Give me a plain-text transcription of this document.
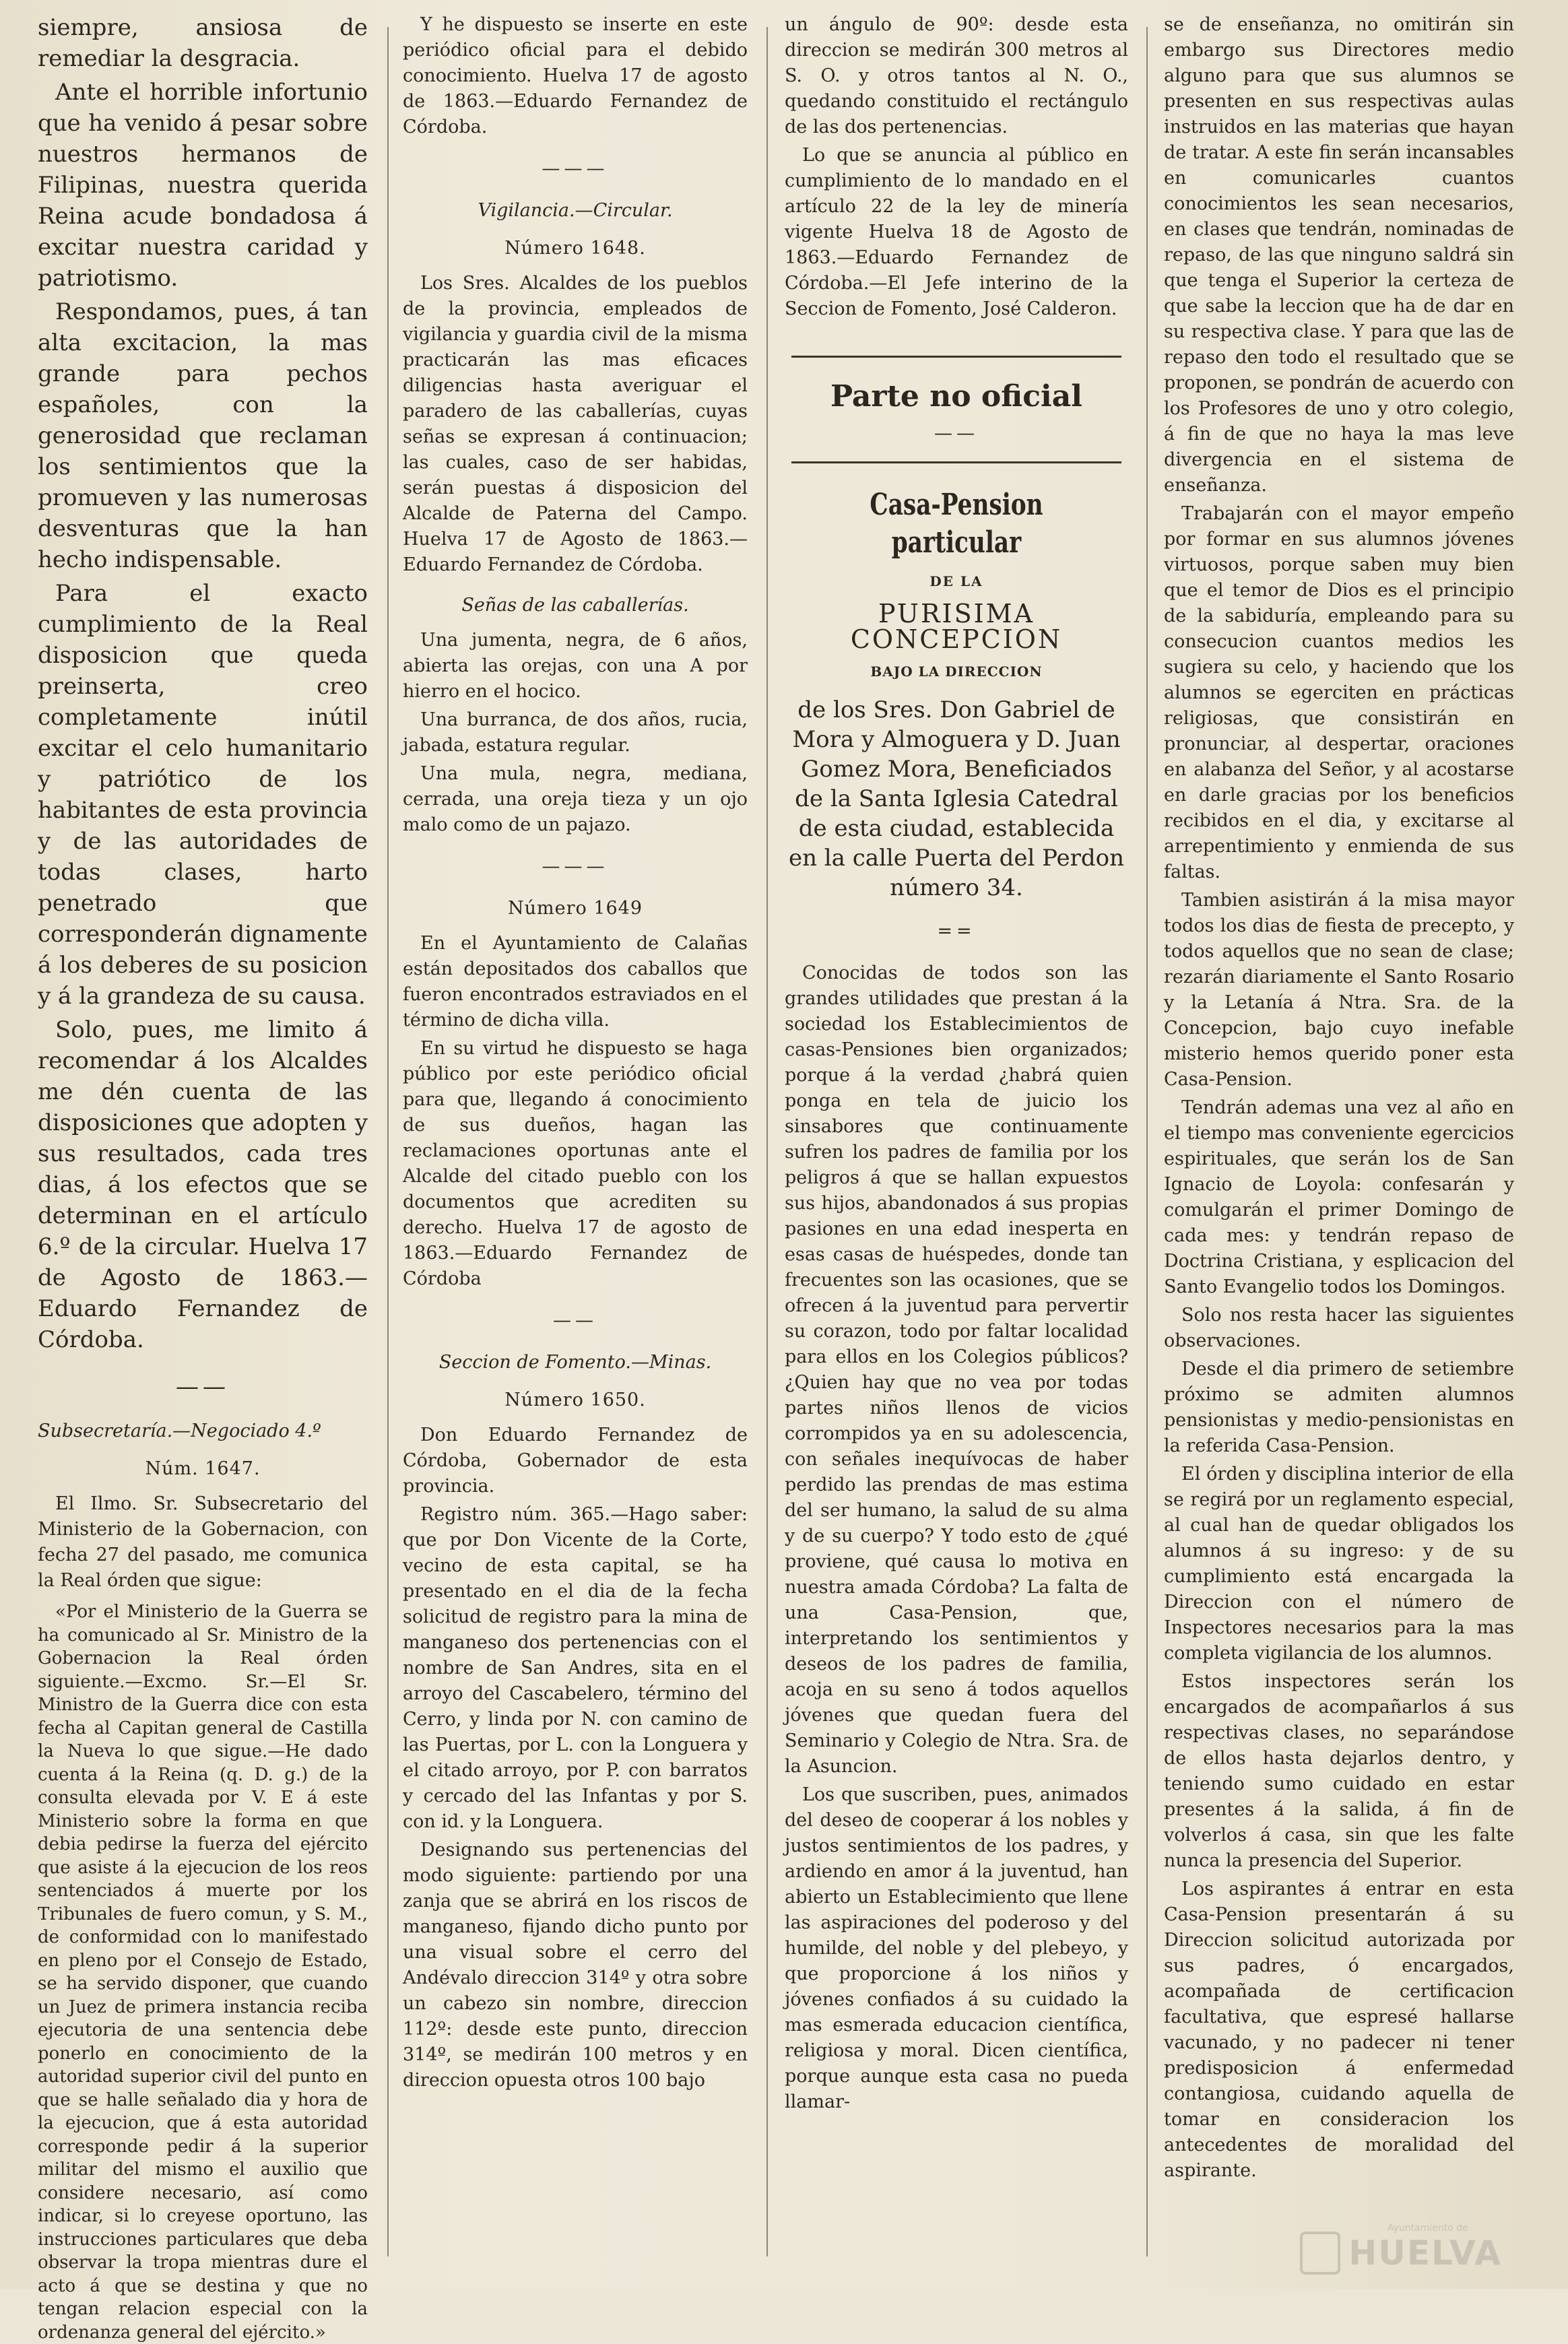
siempre, ansiosa de remediar la desgracia.

Ante el horrible infortunio que ha venido á pesar sobre nuestros hermanos de Filipinas, nuestra querida Reina acude bondadosa á excitar nuestra caridad y patriotismo.

Respondamos, pues, á tan alta excitacion, la mas grande para pechos españoles, con la generosidad que reclaman los sentimientos que la promueven y las numerosas desventuras que la han hecho indispensable.

Para el exacto cumplimiento de la Real disposicion que queda preinserta, creo completamente inútil excitar el celo humanitario y patriótico de los habitantes de esta provincia y de las autoridades de todas clases, harto penetrado que corresponderán dignamente á los deberes de su posicion y á la grandeza de su causa.

Solo, pues, me limito á recomendar á los Alcaldes me dén cuenta de las disposiciones que adopten y sus resultados, cada tres dias, á los efectos que se determinan en el artículo 6.º de la circular. Huelva 17 de Agosto de 1863.—Eduardo Fernandez de Córdoba.

——

Subsecretaría.—Negociado 4.º

Núm. 1647.

El Ilmo. Sr. Subsecretario del Ministerio de la Gobernacion, con fecha 27 del pasado, me comunica la Real órden que sigue:

«Por el Ministerio de la Guerra se ha comunicado al Sr. Ministro de la Gobernacion la Real órden siguiente.—Excmo. Sr.—El Sr. Ministro de la Guerra dice con esta fecha al Capitan general de Castilla la Nueva lo que sigue.—He dado cuenta á la Reina (q. D. g.) de la consulta elevada por V. E á este Ministerio sobre la forma en que debia pedirse la fuerza del ejército que asiste á la ejecucion de los reos sentenciados á muerte por los Tribunales de fuero comun, y S. M., de conformidad con lo manifestado en pleno por el Consejo de Estado, se ha servido disponer, que cuando un Juez de primera instancia reciba ejecutoria de una sentencia debe ponerlo en conocimiento de la autoridad superior civil del punto en que se halle señalado dia y hora de la ejecucion, que á esta autoridad corresponde pedir á la superior militar del mismo el auxilio que considere necesario, así como indicar, si lo creyese oportuno, las instrucciones particulares que deba observar la tropa mientras dure el acto á que se destina y que no tengan relacion especial con la ordenanza general del ejército.»

Y he dispuesto se inserte en este periódico oficial para el debido conocimiento. Huelva 17 de agosto de 1863.—Eduardo Fernandez de Córdoba.

———

Vigilancia.—Circular.

Número 1648.

Los Sres. Alcaldes de los pueblos de la provincia, empleados de vigilancia y guardia civil de la misma practicarán las mas eficaces diligencias hasta averiguar el paradero de las caballerías, cuyas señas se expresan á continuacion; las cuales, caso de ser habidas, serán puestas á disposicion del Alcalde de Paterna del Campo. Huelva 17 de Agosto de 1863.—Eduardo Fernandez de Córdoba.

Señas de las caballerías.

Una jumenta, negra, de 6 años, abierta las orejas, con una A por hierro en el hocico.

Una burranca, de dos años, rucia, jabada, estatura regular.

Una mula, negra, mediana, cerrada, una oreja tieza y un ojo malo como de un pajazo.

———

Número 1649

En el Ayuntamiento de Calañas están depositados dos caballos que fueron encontrados estraviados en el término de dicha villa.

En su virtud he dispuesto se haga público por este periódico oficial para que, llegando á conocimiento de sus dueños, hagan las reclamaciones oportunas ante el Alcalde del citado pueblo con los documentos que acrediten su derecho. Huelva 17 de agosto de 1863.—Eduardo Fernandez de Córdoba

——

Seccion de Fomento.—Minas.

Número 1650.

Don Eduardo Fernandez de Córdoba, Gobernador de esta provincia.

Registro núm. 365.—Hago saber: que por Don Vicente de la Corte, vecino de esta capital, se ha presentado en el dia de la fecha solicitud de registro para la mina de manganeso dos pertenencias con el nombre de San Andres, sita en el arroyo del Cascabelero, término del Cerro, y linda por N. con camino de las Puertas, por L. con la Longuera y el citado arroyo, por P. con barratos y cercado del las Infantas y por S. con id. y la Longuera.

Designando sus pertenencias del modo siguiente: partiendo por una zanja que se abrirá en los riscos de manganeso, fijando dicho punto por una visual sobre el cerro del Andévalo direccion 314º y otra sobre un cabezo sin nombre, direccion 112º: desde este punto, direccion 314º, se medirán 100 metros y en direccion opuesta otros 100 bajo

un ángulo de 90º: desde esta direccion se medirán 300 metros al S. O. y otros tantos al N. O., quedando constituido el rectángulo de las dos pertenencias.

Lo que se anuncia al público en cumplimiento de lo mandado en el artículo 22 de la ley de minería vigente Huelva 18 de Agosto de 1863.—Eduardo Fernandez de Córdoba.—El Jefe interino de la Seccion de Fomento, José Calderon.

Parte no oficial

——

Casa-Pension particular

DE LA

PURISIMA CONCEPCION

BAJO LA DIRECCION

de los Sres. Don Gabriel de Mora y Almoguera y D. Juan Gomez Mora, Beneficiados de la Santa Iglesia Catedral de esta ciudad, establecida en la calle Puerta del Perdon número 34.

==

Conocidas de todos son las grandes utilidades que prestan á la sociedad los Establecimientos de casas-Pensiones bien organizados; porque á la verdad ¿habrá quien ponga en tela de juicio los sinsabores que continuamente sufren los padres de familia por los peligros á que se hallan expuestos sus hijos, abandonados á sus propias pasiones en una edad inesperta en esas casas de huéspedes, donde tan frecuentes son las ocasiones, que se ofrecen á la juventud para pervertir su corazon, todo por faltar localidad para ellos en los Colegios públicos? ¿Quien hay que no vea por todas partes niños llenos de vicios corrompidos ya en su adolescencia, con señales inequívocas de haber perdido las prendas de mas estima del ser humano, la salud de su alma y de su cuerpo? Y todo esto de ¿qué proviene, qué causa lo motiva en nuestra amada Córdoba? La falta de una Casa-Pension, que, interpretando los sentimientos y deseos de los padres de familia, acoja en su seno á todos aquellos jóvenes que quedan fuera del Seminario y Colegio de Ntra. Sra. de la Asuncion.

Los que suscriben, pues, animados del deseo de cooperar á los nobles y justos sentimientos de los padres, y ardiendo en amor á la juventud, han abierto un Establecimiento que llene las aspiraciones del poderoso y del humilde, del noble y del plebeyo, y que proporcione á los niños y jóvenes confiados á su cuidado la mas esmerada educacion científica, religiosa y moral. Dicen científica, porque aunque esta casa no pueda llamar-

se de enseñanza, no omitirán sin embargo sus Directores medio alguno para que sus alumnos se presenten en sus respectivas aulas instruidos en las materias que hayan de tratar. A este fin serán incansables en comunicarles cuantos conocimientos les sean necesarios, en clases que tendrán, nominadas de repaso, de las que ninguno saldrá sin que tenga el Superior la certeza de que sabe la leccion que ha de dar en su respectiva clase. Y para que las de repaso den todo el resultado que se proponen, se pondrán de acuerdo con los Profesores de uno y otro colegio, á fin de que no haya la mas leve divergencia en el sistema de enseñanza.

Trabajarán con el mayor empeño por formar en sus alumnos jóvenes virtuosos, porque saben muy bien que el temor de Dios es el principio de la sabiduría, empleando para su consecucion cuantos medios les sugiera su celo, y haciendo que los alumnos se egerciten en prácticas religiosas, que consistirán en pronunciar, al despertar, oraciones en alabanza del Señor, y al acostarse en darle gracias por los beneficios recibidos en el dia, y excitarse al arrepentimiento y enmienda de sus faltas.

Tambien asistirán á la misa mayor todos los dias de fiesta de precepto, y todos aquellos que no sean de clase; rezarán diariamente el Santo Rosario y la Letanía á Ntra. Sra. de la Concepcion, bajo cuyo inefable misterio hemos querido poner esta Casa-Pension.

Tendrán ademas una vez al año en el tiempo mas conveniente egercicios espirituales, que serán los de San Ignacio de Loyola: confesarán y comulgarán el primer Domingo de cada mes: y tendrán repaso de Doctrina Cristiana, y esplicacion del Santo Evangelio todos los Domingos.

Solo nos resta hacer las siguientes observaciones.

Desde el dia primero de setiembre próximo se admiten alumnos pensionistas y medio-pensionistas en la referida Casa-Pension.

El órden y disciplina interior de ella se regirá por un reglamento especial, al cual han de quedar obligados los alumnos á su ingreso: y de su cumplimiento está encargada la Direccion con el número de Inspectores necesarios para la mas completa vigilancia de los alumnos.

Estos inspectores serán los encargados de acompañarlos á sus respectivas clases, no separándose de ellos hasta dejarlos dentro, y teniendo sumo cuidado en estar presentes á la salida, á fin de volverlos á casa, sin que les falte nunca la presencia del Superior.

Los aspirantes á entrar en esta Casa-Pension presentarán á su Direccion solicitud autorizada por sus padres, ó encargados, acompañada de certificacion facultativa, que espresé hallarse vacunado, y no padecer ni tener predisposicion á enfermedad contangiosa, cuidando aquella de tomar en consideracion los antecedentes de moralidad del aspirante.

Ayuntamiento de
HUELVA
